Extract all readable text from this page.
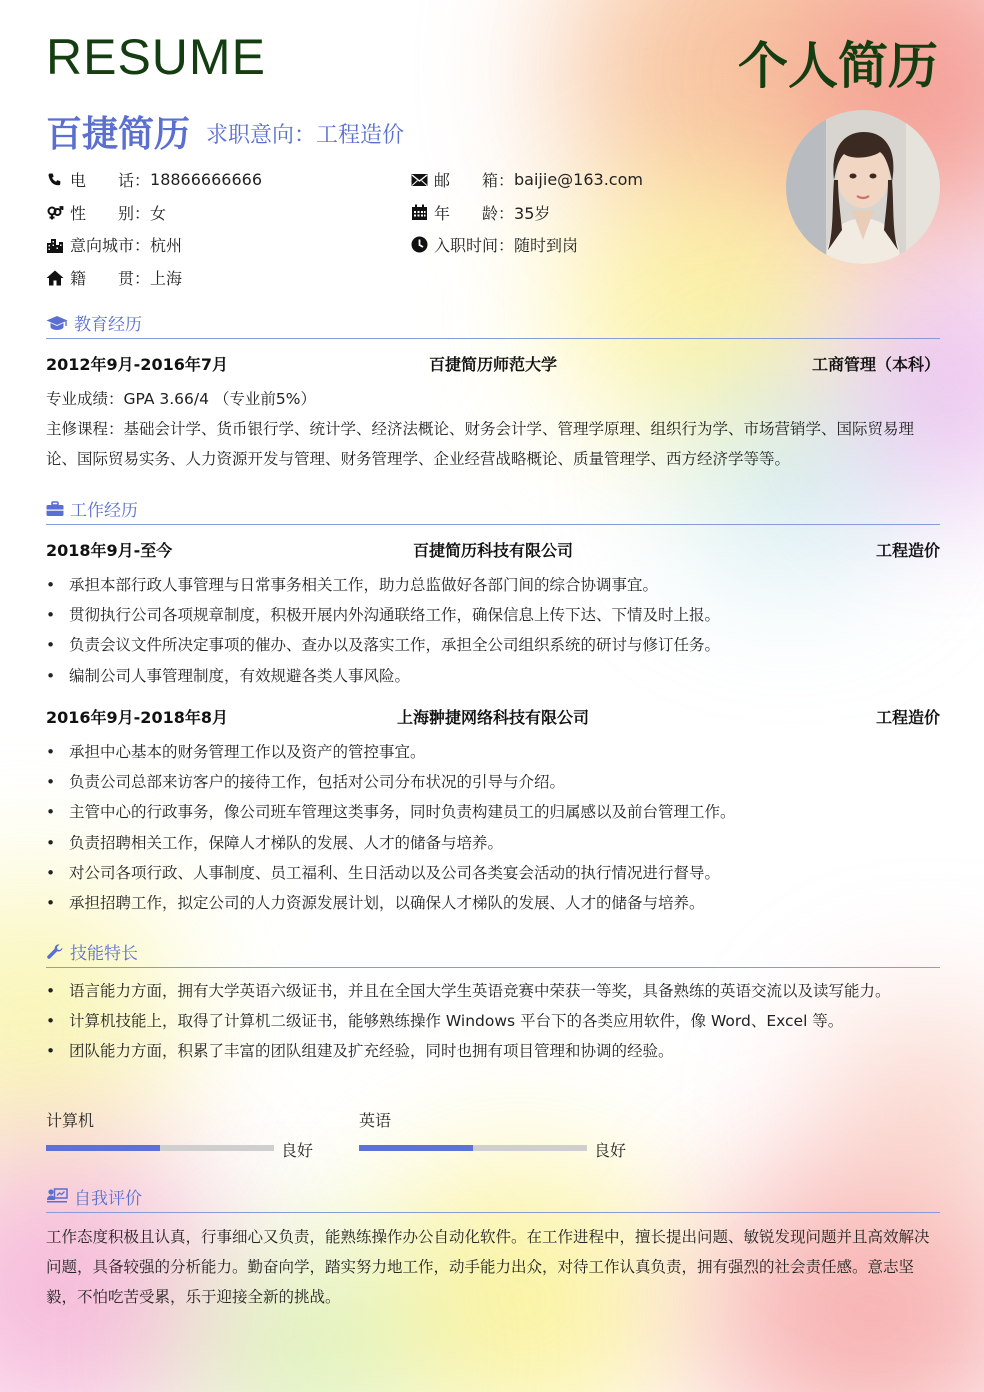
RESUME	个人简历
百捷简历 求职意向：工程造价
电　　话： 18866666666	邮　　箱： baijie@163.com
性　　别： 女	年　　龄： 35岁
意向城市： 杭州	入职时间： 随时到岗
籍　　贯： 上海
教育经历
2012年9月-2016年7月	百捷简历师范大学	工商管理（本科）
专业成绩：GPA 3.66/4 （专业前5%）
主修课程：基础会计学、货币银行学、统计学、经济法概论、财务会计学、管理学原理、组织行为学、市场营销学、国际贸易理论、国际贸易实务、人力资源开发与管理、财务管理学、企业经营战略概论、质量管理学、西方经济学等等。
工作经历
2018年9月-至今	百捷简历科技有限公司	工程造价
• 承担本部行政人事管理与日常事务相关工作，助力总监做好各部门间的综合协调事宜。
• 贯彻执行公司各项规章制度，积极开展内外沟通联络工作，确保信息上传下达、下情及时上报。
• 负责会议文件所决定事项的催办、查办以及落实工作，承担全公司组织系统的研讨与修订任务。
• 编制公司人事管理制度，有效规避各类人事风险。
2016年9月-2018年8月	上海翀捷网络科技有限公司	工程造价
• 承担中心基本的财务管理工作以及资产的管控事宜。
• 负责公司总部来访客户的接待工作，包括对公司分布状况的引导与介绍。
• 主管中心的行政事务，像公司班车管理这类事务，同时负责构建员工的归属感以及前台管理工作。
• 负责招聘相关工作，保障人才梯队的发展、人才的储备与培养。
• 对公司各项行政、人事制度、员工福利、生日活动以及公司各类宴会活动的执行情况进行督导。
• 承担招聘工作，拟定公司的人力资源发展计划，以确保人才梯队的发展、人才的储备与培养。
技能特长
• 语言能力方面，拥有大学英语六级证书，并且在全国大学生英语竞赛中荣获一等奖，具备熟练的英语交流以及读写能力。
• 计算机技能上，取得了计算机二级证书，能够熟练操作 Windows 平台下的各类应用软件，像 Word、Excel 等。
• 团队能力方面，积累了丰富的团队组建及扩充经验，同时也拥有项目管理和协调的经验。
计算机
良好
英语
良好
自我评价
工作态度积极且认真，行事细心又负责，能熟练操作办公自动化软件。在工作进程中，擅长提出问题、敏锐发现问题并且高效解决问题，具备较强的分析能力。勤奋向学，踏实努力地工作，动手能力出众，对待工作认真负责，拥有强烈的社会责任感。意志坚毅，不怕吃苦受累，乐于迎接全新的挑战。
